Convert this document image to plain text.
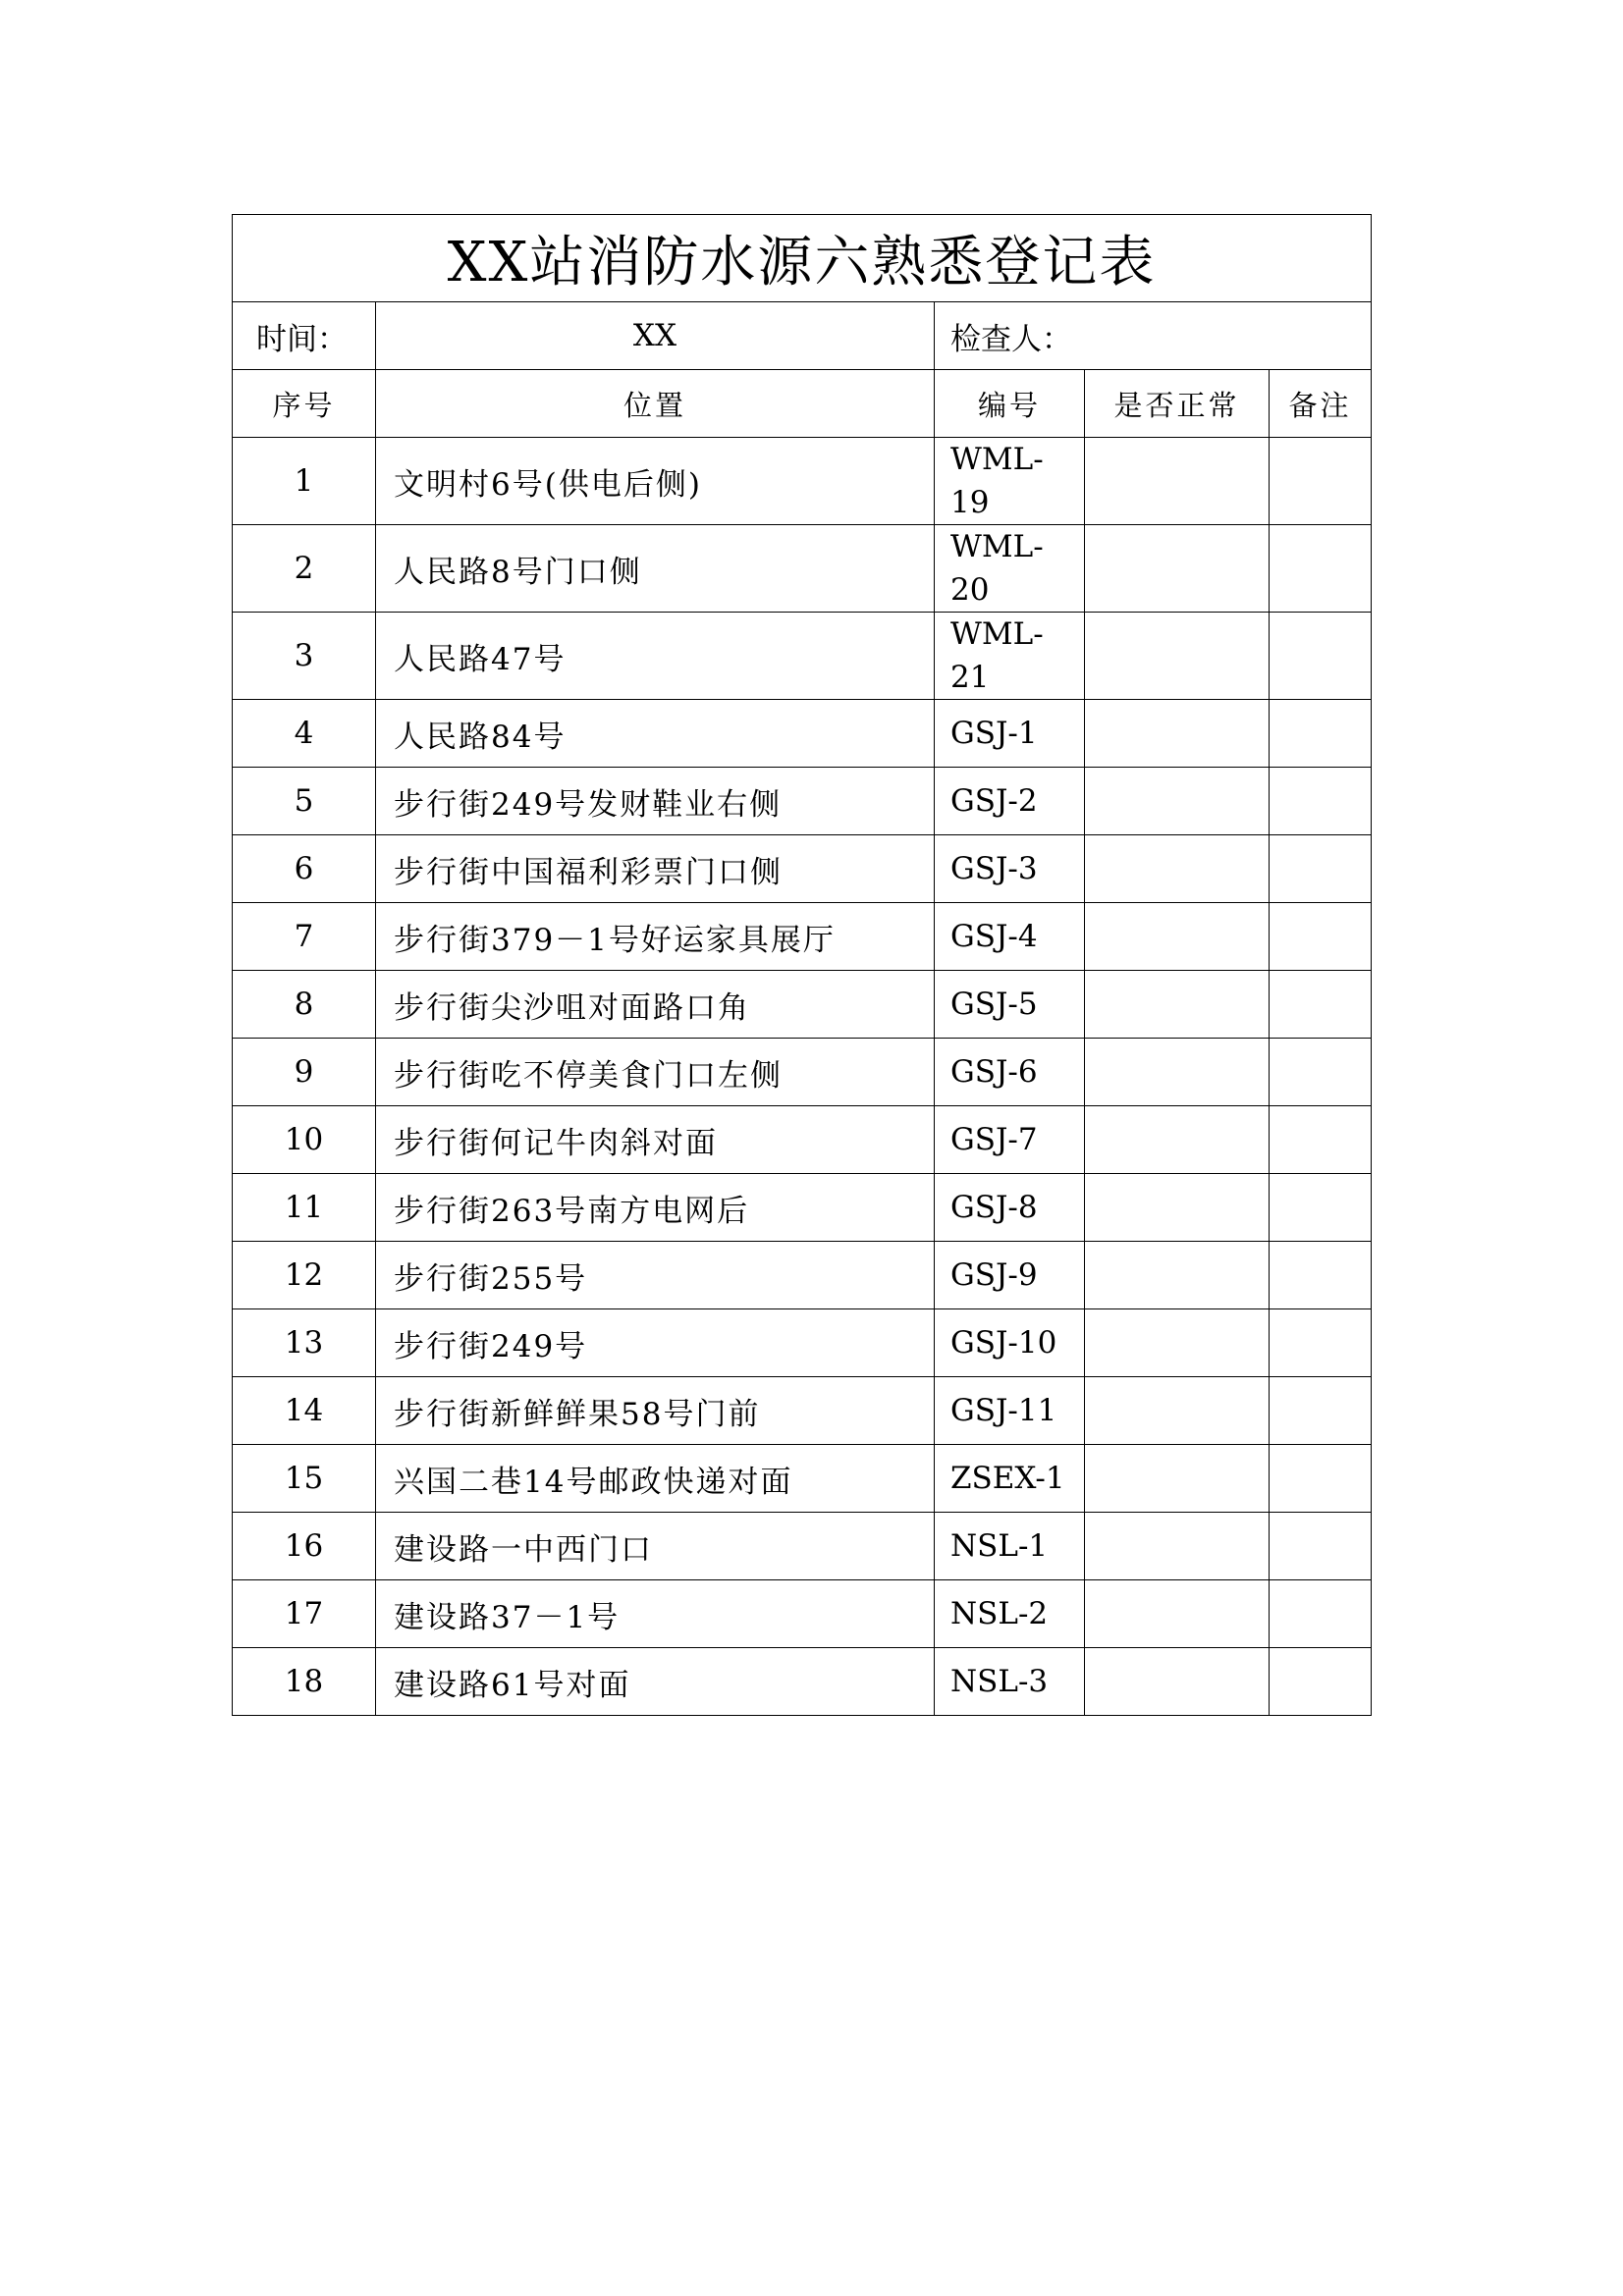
XX站消防水源六熟悉登记表				
时间：	XX	检查人：		
序号	位置	编号	是否正常	备注
1	文明村6号(供电后侧)	WML-19		

2	人民路8号门口侧	WML-20		

3	人民路47号	WML-21		

4	人民路84号	GSJ-1		
5	步行街249号发财鞋业右侧	GSJ-2		
6	步行街中国福利彩票门口侧	GSJ-3		
7	步行街379－1号好运家具展厅	GSJ-4		
8	步行街尖沙咀对面路口角	GSJ-5		
9	步行街吃不停美食门口左侧	GSJ-6		
10	步行街何记牛肉斜对面	GSJ-7		
11	步行街263号南方电网后	GSJ-8		
12	步行街255号	GSJ-9		
13	步行街249号	GSJ-10		
14	步行街新鲜鲜果58号门前	GSJ-11		
15	兴国二巷14号邮政快递对面	ZSEX-1		
16	建设路一中西门口	NSL-1		
17	建设路37－1号	NSL-2		
18	建设路61号对面	NSL-3		
